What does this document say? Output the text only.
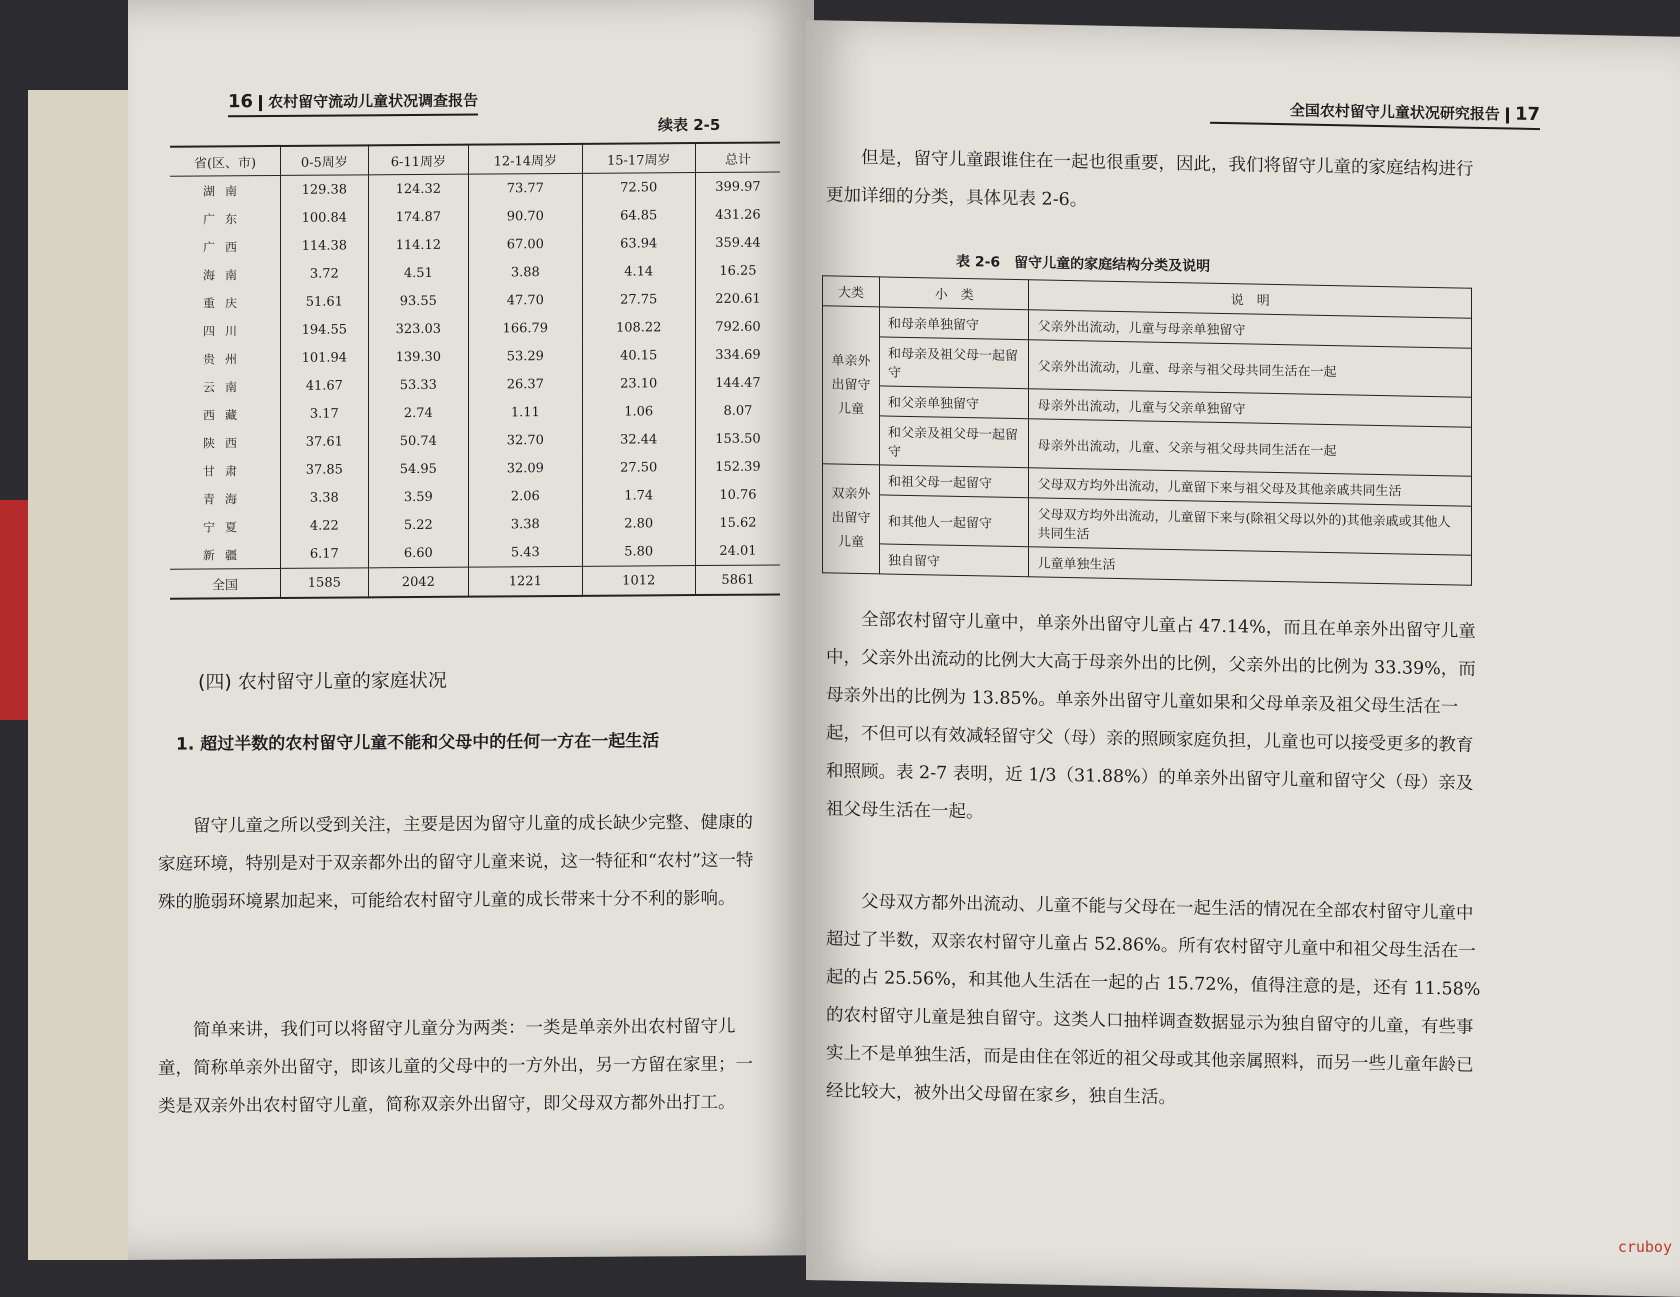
16 农村留守流动儿童状况调查报告
续表 2-5
省(区、市)	0-5周岁	6-11周岁	12-14周岁	15-17周岁	总计
湖南	129.38	124.32	73.77	72.50	399.97
广东	100.84	174.87	90.70	64.85	431.26
广西	114.38	114.12	67.00	63.94	359.44
海南	3.72	4.51	3.88	4.14	16.25
重庆	51.61	93.55	47.70	27.75	220.61
四川	194.55	323.03	166.79	108.22	792.60
贵州	101.94	139.30	53.29	40.15	334.69
云南	41.67	53.33	26.37	23.10	144.47
西藏	3.17	2.74	1.11	1.06	8.07
陕西	37.61	50.74	32.70	32.44	153.50
甘肃	37.85	54.95	32.09	27.50	152.39
青海	3.38	3.59	2.06	1.74	10.76
宁夏	4.22	5.22	3.38	2.80	15.62
新疆	6.17	6.60	5.43	5.80	24.01
全国	1585	2042	1221	1012	5861
(四) 农村留守儿童的家庭状况
1. 超过半数的农村留守儿童不能和父母中的任何一方在一起生活
留守儿童之所以受到关注，主要是因为留守儿童的成长缺少完整、健康的家庭环境，特别是对于双亲都外出的留守儿童来说，这一特征和“农村”这一特殊的脆弱环境累加起来，可能给农村留守儿童的成长带来十分不利的影响。
简单来讲，我们可以将留守儿童分为两类：一类是单亲外出农村留守儿童，简称单亲外出留守，即该儿童的父母中的一方外出，另一方留在家里；一类是双亲外出农村留守儿童，简称双亲外出留守，即父母双方都外出打工。
全国农村留守儿童状况研究报告 17
但是，留守儿童跟谁住在一起也很重要，因此，我们将留守儿童的家庭结构进行更加详细的分类，具体见表 2-6。
表 2-6　留守儿童的家庭结构分类及说明
大类	小　类	说　明
单亲外出留守儿童	和母亲单独留守	父亲外出流动，儿童与母亲单独留守
	和母亲及祖父母一起留守	父亲外出流动，儿童、母亲与祖父母共同生活在一起
	和父亲单独留守	母亲外出流动，儿童与父亲单独留守
	和父亲及祖父母一起留守	母亲外出流动，儿童、父亲与祖父母共同生活在一起
双亲外出留守儿童	和祖父母一起留守	父母双方均外出流动，儿童留下来与祖父母及其他亲戚共同生活
	和其他人一起留守	父母双方均外出流动，儿童留下来与(除祖父母以外的)其他亲戚或其他人共同生活
	独自留守	儿童单独生活
全部农村留守儿童中，单亲外出留守儿童占 47.14%，而且在单亲外出留守儿童中，父亲外出流动的比例大大高于母亲外出的比例，父亲外出的比例为 33.39%，而母亲外出的比例为 13.85%。单亲外出留守儿童如果和父母单亲及祖父母生活在一起，不但可以有效减轻留守父（母）亲的照顾家庭负担，儿童也可以接受更多的教育和照顾。表 2-7 表明，近 1/3（31.88%）的单亲外出留守儿童和留守父（母）亲及祖父母生活在一起。
父母双方都外出流动、儿童不能与父母在一起生活的情况在全部农村留守儿童中超过了半数，双亲农村留守儿童占 52.86%。所有农村留守儿童中和祖父母生活在一起的占 25.56%，和其他人生活在一起的占 15.72%，值得注意的是，还有 11.58% 的农村留守儿童是独自留守。这类人口抽样调查数据显示为独自留守的儿童，有些事实上不是单独生活，而是由住在邻近的祖父母或其他亲属照料，而另一些儿童年龄已经比较大，被外出父母留在家乡，独自生活。
cruboy
